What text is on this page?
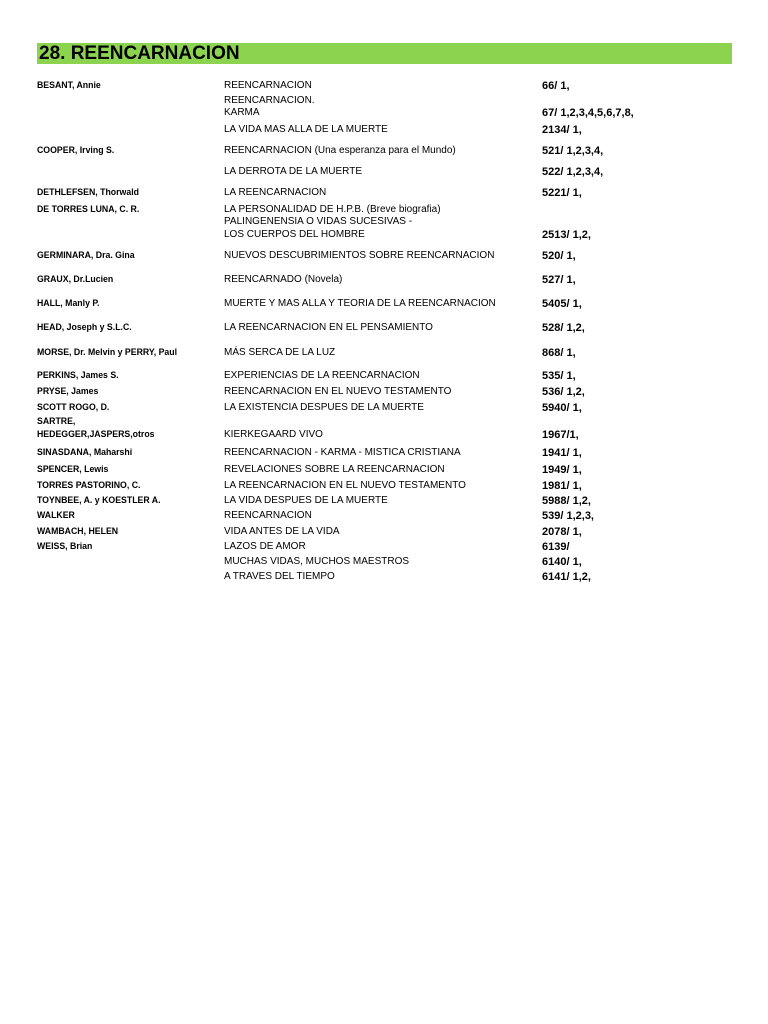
28. REENCARNACION
BESANT, Annie	REENCARNACION	66/ 1,
REENCARNACION.
KARMA	67/ 1,2,3,4,5,6,7,8,
LA VIDA MAS ALLA DE LA MUERTE	2134/ 1,
COOPER, Irving S.	REENCARNACION (Una esperanza para el Mundo)	521/ 1,2,3,4,
LA DERROTA DE LA MUERTE	522/ 1,2,3,4,
DETHLEFSEN, Thorwald	LA REENCARNACION	5221/ 1,
DE TORRES LUNA, C. R.	LA PERSONALIDAD DE H.P.B. (Breve biografia)
PALINGENENSIA O VIDAS SUCESIVAS -
LOS CUERPOS DEL HOMBRE	2513/ 1,2,
GERMINARA, Dra. Gina	NUEVOS DESCUBRIMIENTOS SOBRE REENCARNACION	520/ 1,
GRAUX, Dr.Lucien	REENCARNADO (Novela)	527/ 1,
HALL, Manly P.	MUERTE Y MAS ALLA Y TEORIA DE LA REENCARNACION	5405/ 1,
HEAD, Joseph y S.L.C.	LA REENCARNACION EN EL PENSAMIENTO	528/ 1,2,
MORSE, Dr. Melvin y PERRY, Paul	MÁS SERCA DE LA LUZ	868/ 1,
PERKINS, James S.	EXPERIENCIAS DE LA REENCARNACION	535/ 1,
PRYSE, James	REENCARNACION EN EL NUEVO TESTAMENTO	536/ 1,2,
SCOTT ROGO, D.	LA EXISTENCIA DESPUES DE LA MUERTE	5940/ 1,
SARTRE,
HEDEGGER,JASPERS,otros	KIERKEGAARD VIVO	1967/1,
SINASDANA, Maharshi	REENCARNACION - KARMA - MISTICA CRISTIANA	1941/ 1,
SPENCER, Lewis	REVELACIONES SOBRE LA REENCARNACION	1949/ 1,
TORRES PASTORINO, C.	LA REENCARNACION EN EL NUEVO TESTAMENTO	1981/ 1,
TOYNBEE, A. y KOESTLER A.	LA VIDA DESPUES DE LA MUERTE	5988/ 1,2,
WALKER	REENCARNACION	539/ 1,2,3,
WAMBACH, HELEN	VIDA ANTES DE LA VIDA	2078/ 1,
WEISS, Brian	LAZOS DE AMOR	6139/
MUCHAS VIDAS, MUCHOS MAESTROS	6140/ 1,
A TRAVES DEL TIEMPO	6141/ 1,2,
